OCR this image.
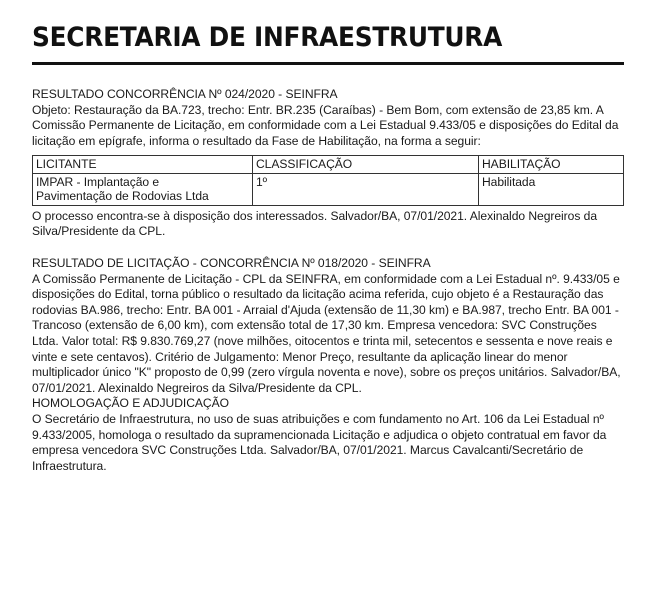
SECRETARIA DE INFRAESTRUTURA

RESULTADO CONCORRÊNCIA Nº 024/2020 - SEINFRA

Objeto: Restauração da BA.723, trecho: Entr. BR.235 (Caraíbas) - Bem Bom, com extensão de 23,85 km. A Comissão Permanente de Licitação, em conformidade com a Lei Estadual 9.433/05 e disposições do Edital da licitação em epígrafe, informa o resultado da Fase de Habilitação, na forma a seguir:

LICITANTE	CLASSIFICAÇÃO	HABILITAÇÃO
IMPAR - Implantação e Pavimentação de Rodovias Ltda	1º	Habilitada

O processo encontra-se à disposição dos interessados. Salvador/BA, 07/01/2021. Alexinaldo Negreiros da Silva/Presidente da CPL.

RESULTADO DE LICITAÇÃO - CONCORRÊNCIA Nº 018/2020 - SEINFRA

A Comissão Permanente de Licitação - CPL da SEINFRA, em conformidade com a Lei Estadual nº. 9.433/05 e disposições do Edital, torna público o resultado da licitação acima referida, cujo objeto é a Restauração das rodovias BA.986, trecho: Entr. BA 001 - Arraial d'Ajuda (extensão de 11,30 km) e BA.987, trecho Entr. BA 001 - Trancoso (extensão de 6,00 km), com extensão total de 17,30 km. Empresa vencedora: SVC Construções Ltda. Valor total: R$ 9.830.769,27 (nove milhões, oitocentos e trinta mil, setecentos e sessenta e nove reais e vinte e sete centavos). Critério de Julgamento: Menor Preço, resultante da aplicação linear do menor multiplicador único "K" proposto de 0,99 (zero vírgula noventa e nove), sobre os preços unitários. Salvador/BA, 07/01/2021. Alexinaldo Negreiros da Silva/Presidente da CPL.

HOMOLOGAÇÃO E ADJUDICAÇÃO

O Secretário de Infraestrutura, no uso de suas atribuições e com fundamento no Art. 106 da Lei Estadual nº 9.433/2005, homologa o resultado da supramencionada Licitação e adjudica o objeto contratual em favor da empresa vencedora SVC Construções Ltda. Salvador/BA, 07/01/2021. Marcus Cavalcanti/Secretário de Infraestrutura.
